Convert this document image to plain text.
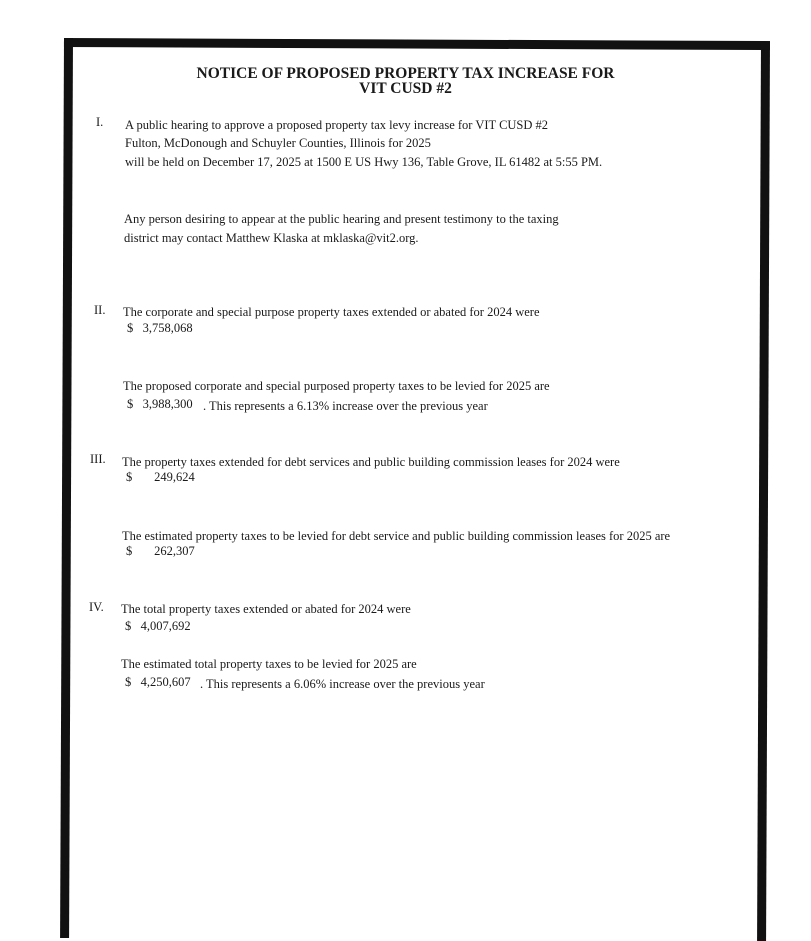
NOTICE OF PROPOSED PROPERTY TAX INCREASE FOR
VIT CUSD #2
I. A public hearing to approve a proposed property tax levy increase for VIT CUSD #2
Fulton, McDonough and Schuyler Counties, Illinois for 2025
will be held on December 17, 2025 at 1500 E US Hwy 136, Table Grove, IL 61482 at 5:55 PM.
Any person desiring to appear at the public hearing and present testimony to the taxing
district may contact Matthew Klaska at mklaska@vit2.org.
II. The corporate and special purpose property taxes extended or abated for 2024 were
$   3,758,068
The proposed corporate and special purposed property taxes to be levied for 2025 are
$   3,988,300 . This represents a 6.13% increase over the previous year
III. The property taxes extended for debt services and public building commission leases for 2024 were
$       249,624
The estimated property taxes to be levied for debt service and public building commission leases for 2025 are
$       262,307
IV. The total property taxes extended or abated for 2024 were
$   4,007,692
The estimated total property taxes to be levied for 2025 are
$   4,250,607 . This represents a 6.06% increase over the previous year
